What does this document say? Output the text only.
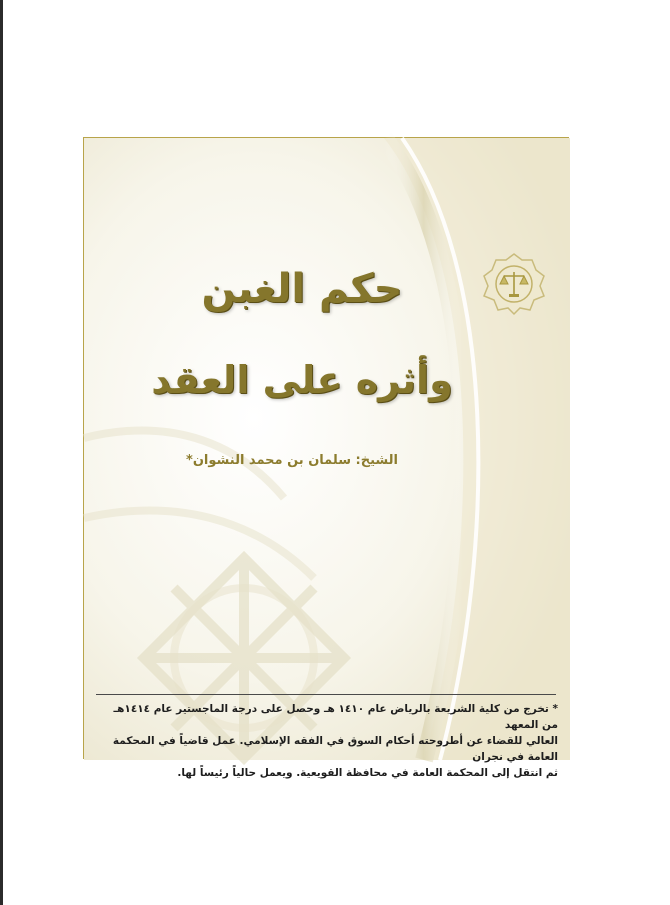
حكم الغبن
وأثره على العقد
الشيخ: سلمان بن محمد النشوان*
* تخرج من كلية الشريعة بالرياض عام ١٤١٠ هـ وحصل على درجة الماجستير عام ١٤١٤هـ من المعهد
العالي للقضاء عن أطروحته أحكام السوق في الفقه الإسلامي. عمل قاضياً في المحكمة العامة في نجران
ثم انتقل إلى المحكمة العامة في محافظة القويعية. ويعمل حالياً رئيساً لها.
